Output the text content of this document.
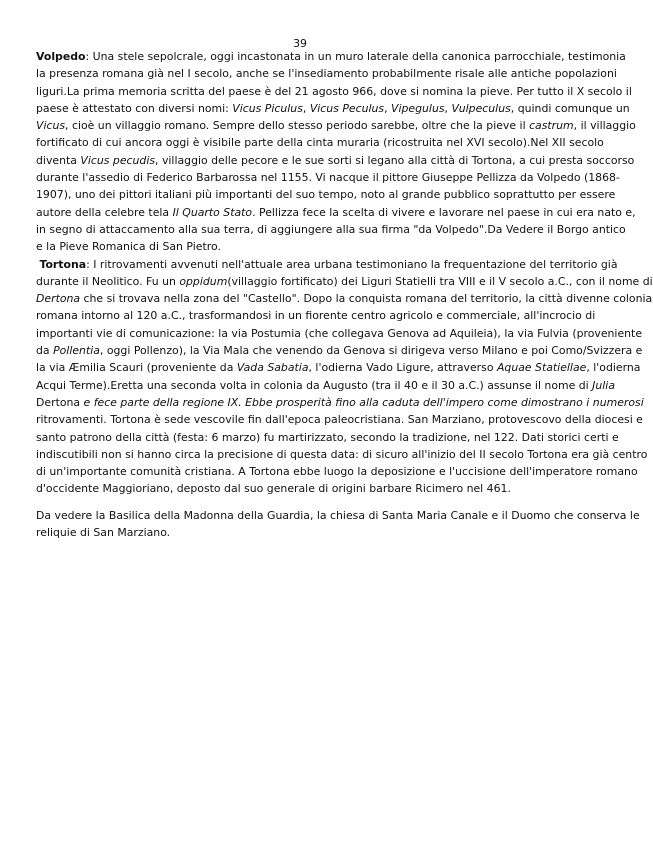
39
Volpedo: Una stele sepolcrale, oggi incastonata in un muro laterale della canonica parrocchiale, testimonia
la presenza romana già nel I secolo, anche se l'insediamento probabilmente risale alle antiche popolazioni
liguri.La prima memoria scritta del paese è del 21 agosto 966, dove si nomina la pieve. Per tutto il X secolo il
paese è attestato con diversi nomi: Vicus Piculus, Vicus Peculus, Vipegulus, Vulpeculus, quindi comunque un
Vicus, cioè un villaggio romano. Sempre dello stesso periodo sarebbe, oltre che la pieve il castrum, il villaggio
fortificato di cui ancora oggi è visibile parte della cinta muraria (ricostruita nel XVI secolo).Nel XII secolo
diventa Vicus pecudis, villaggio delle pecore e le sue sorti si legano alla città di Tortona, a cui presta soccorso
durante l'assedio di Federico Barbarossa nel 1155. Vi nacque il pittore Giuseppe Pellizza da Volpedo (1868-
1907), uno dei pittori italiani più importanti del suo tempo, noto al grande pubblico soprattutto per essere
autore della celebre tela Il Quarto Stato. Pellizza fece la scelta di vivere e lavorare nel paese in cui era nato e,
in segno di attaccamento alla sua terra, di aggiungere alla sua firma "da Volpedo".Da Vedere il Borgo antico
e la Pieve Romanica di San Pietro.
Tortona: I ritrovamenti avvenuti nell'attuale area urbana testimoniano la frequentazione del territorio già
durante il Neolitico. Fu un oppidum(villaggio fortificato) dei Liguri Statielli tra VIII e il V secolo a.C., con il nome di
Dertona che si trovava nella zona del "Castello". Dopo la conquista romana del territorio, la città divenne colonia
romana intorno al 120 a.C., trasformandosi in un fiorente centro agricolo e commerciale, all'incrocio di
importanti vie di comunicazione: la via Postumia (che collegava Genova ad Aquileia), la via Fulvia (proveniente
da Pollentia, oggi Pollenzo), la Via Mala che venendo da Genova si dirigeva verso Milano e poi Como/Svizzera e
la via Æmilia Scauri (proveniente da Vada Sabatia, l'odierna Vado Ligure, attraverso Aquae Statiellae, l'odierna
Acqui Terme).Eretta una seconda volta in colonia da Augusto (tra il 40 e il 30 a.C.) assunse il nome di Julia
Dertona e fece parte della regione IX. Ebbe prosperità fino alla caduta dell'impero come dimostrano i numerosi
ritrovamenti. Tortona è sede vescovile fin dall'epoca paleocristiana. San Marziano, protovescovo della diocesi e
santo patrono della città (festa: 6 marzo) fu martirizzato, secondo la tradizione, nel 122. Dati storici certi e
indiscutibili non si hanno circa la precisione di questa data: di sicuro all'inizio del II secolo Tortona era già centro
di un'importante comunità cristiana. A Tortona ebbe luogo la deposizione e l'uccisione dell'imperatore romano
d'occidente Maggioriano, deposto dal suo generale di origini barbare Ricimero nel 461.
Da vedere la Basilica della Madonna della Guardia, la chiesa di Santa Maria Canale e il Duomo che conserva le
reliquie di San Marziano.
